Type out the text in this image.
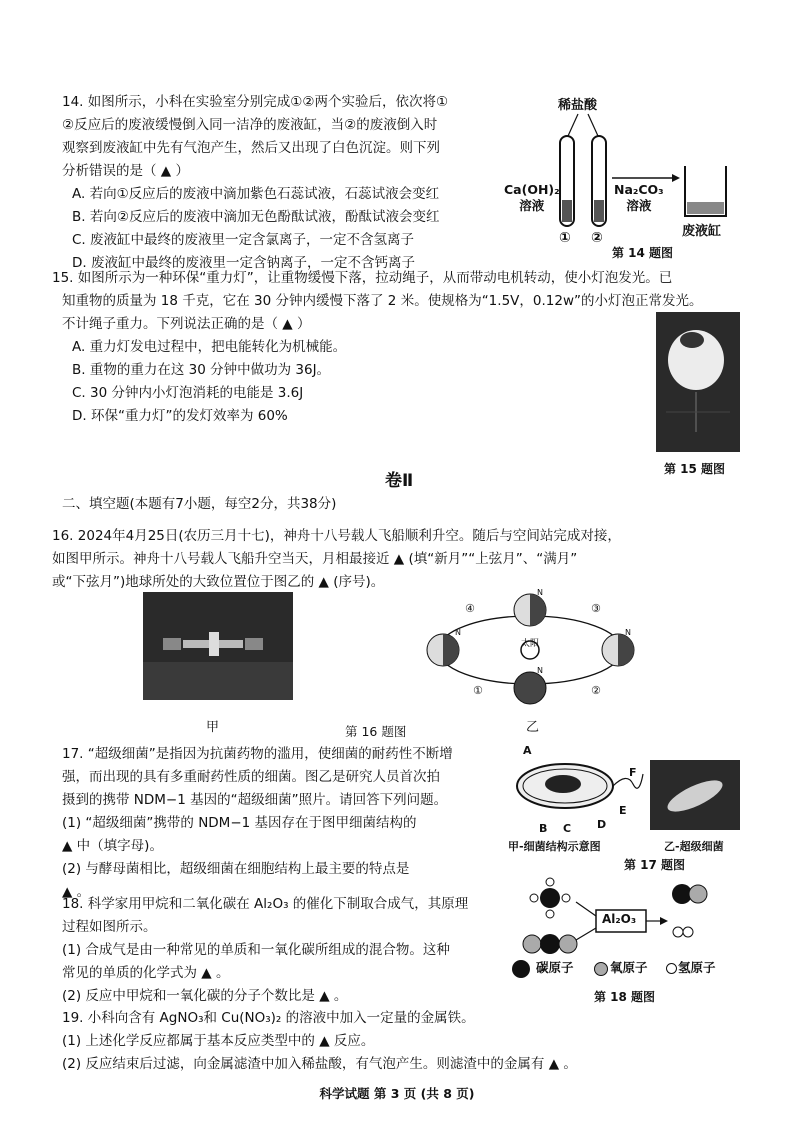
14. 如图所示，小科在实验室分别完成①②两个实验后，依次将①
②反应后的废液缓慢倒入同一洁净的废液缸，当②的废液倒入时
观察到废液缸中先有气泡产生，然后又出现了白色沉淀。则下列
分析错误的是（ ▲ ）
A. 若向①反应后的废液中滴加紫色石蕊试液，石蕊试液会变红
B. 若向②反应后的废液中滴加无色酚酞试液，酚酞试液会变红
C. 废液缸中最终的废液里一定含氯离子，一定不含氢离子
D. 废液缸中最终的废液里一定含钠离子，一定不含钙离子
稀盐酸
Ca(OH)₂
溶液
Na₂CO₃
溶液
① ②	废液缸
第 14 题图
15. 如图所示为一种环保“重力灯”，让重物缓慢下落，拉动绳子，从而带动电机转动，使小灯泡发光。已
知重物的质量为 18 千克，它在 30 分钟内缓慢下落了 2 米。使规格为“1.5V，0.12w”的小灯泡正常发光。
不计绳子重力。下列说法正确的是（ ▲ ）
A. 重力灯发电过程中，把电能转化为机械能。
B. 重物的重力在这 30 分钟中做功为 36J。
C. 30 分钟内小灯泡消耗的电能是 3.6J
D. 环保“重力灯”的发灯效率为 60%
第 15 题图
卷Ⅱ
二、填空题(本题有7小题，每空2分，共38分)
16. 2024年4月25日(农历三月十七)，神舟十八号载人飞船顺利升空。随后与空间站完成对接，
如图甲所示。神舟十八号载人飞船升空当天，月相最接近 ▲ (填“新月”“上弦月”、“满月”
或“下弦月”)地球所处的大致位置位于图乙的 ▲ (序号)。
甲
太阳
①	②
③
④
N
N
N
N
第 16 题图	乙
17. “超级细菌”是指因为抗菌药物的滥用，使细菌的耐药性不断增
强，而出现的具有多重耐药性质的细菌。图乙是研究人员首次拍
摄到的携带 NDM−1 基因的“超级细菌”照片。请回答下列问题。
(1) “超级细菌”携带的 NDM−1 基因存在于图甲细菌结构的
▲ 中（填字母)。
(2) 与酵母菌相比，超级细菌在细胞结构上最主要的特点是
▲ 。
A
B C D
E
F
甲-细菌结构示意图	乙-超级细菌
第 17 题图
18. 科学家用甲烷和二氧化碳在 Al₂O₃ 的催化下制取合成气，其原理
过程如图所示。
(1) 合成气是由一种常见的单质和一氧化碳所组成的混合物。这种
常见的单质的化学式为 ▲ 。
(2) 反应中甲烷和一氧化碳的分子个数比是 ▲ 。
Al₂O₃
碳原子	氧原子 氢原子
第 18 题图
19. 小科向含有 AgNO₃和 Cu(NO₃)₂ 的溶液中加入一定量的金属铁。
(1) 上述化学反应都属于基本反应类型中的 ▲ 反应。
(2) 反应结束后过滤，向金属滤渣中加入稀盐酸，有气泡产生。则滤渣中的金属有 ▲ 。
科学试题 第 3 页 (共 8 页)
